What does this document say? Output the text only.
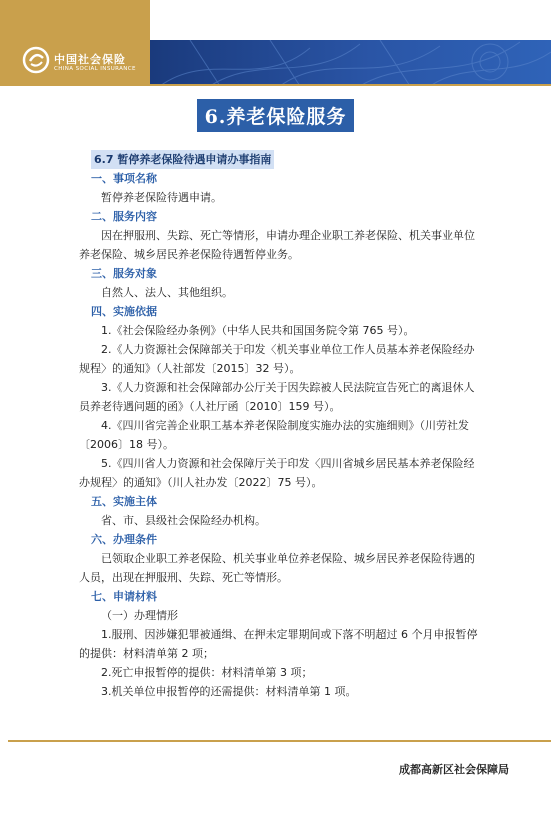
中国社会保险
CHINA SOCIAL INSURANCE
6.养老保险服务

6.7 暂停养老保险待遇申请办事指南

一、事项名称

暂停养老保险待遇申请。

二、服务内容

因在押服刑、失踪、死亡等情形，申请办理企业职工养老保险、机关事业单位养老保险、城乡居民养老保险待遇暂停业务。

三、服务对象

自然人、法人、其他组织。

四、实施依据

1.《社会保险经办条例》（中华人民共和国国务院令第 765 号）。

2.《人力资源社会保障部关于印发〈机关事业单位工作人员基本养老保险经办规程〉的通知》（人社部发〔2015〕32 号）。

3.《人力资源和社会保障部办公厅关于因失踪被人民法院宣告死亡的离退休人员养老待遇问题的函》（人社厅函〔2010〕159 号）。

4.《四川省完善企业职工基本养老保险制度实施办法的实施细则》（川劳社发〔2006〕18 号）。

5.《四川省人力资源和社会保障厅关于印发〈四川省城乡居民基本养老保险经办规程〉的通知》（川人社办发〔2022〕75 号）。

五、实施主体

省、市、县级社会保险经办机构。

六、办理条件

已领取企业职工养老保险、机关事业单位养老保险、城乡居民养老保险待遇的人员，出现在押服刑、失踪、死亡等情形。

七、申请材料

（一）办理情形

1.服刑、因涉嫌犯罪被通缉、在押未定罪期间或下落不明超过 6 个月申报暂停的提供：材料清单第 2 项；

2.死亡申报暂停的提供：材料清单第 3 项；

3.机关单位申报暂停的还需提供：材料清单第 1 项。

成都高新区社会保障局
